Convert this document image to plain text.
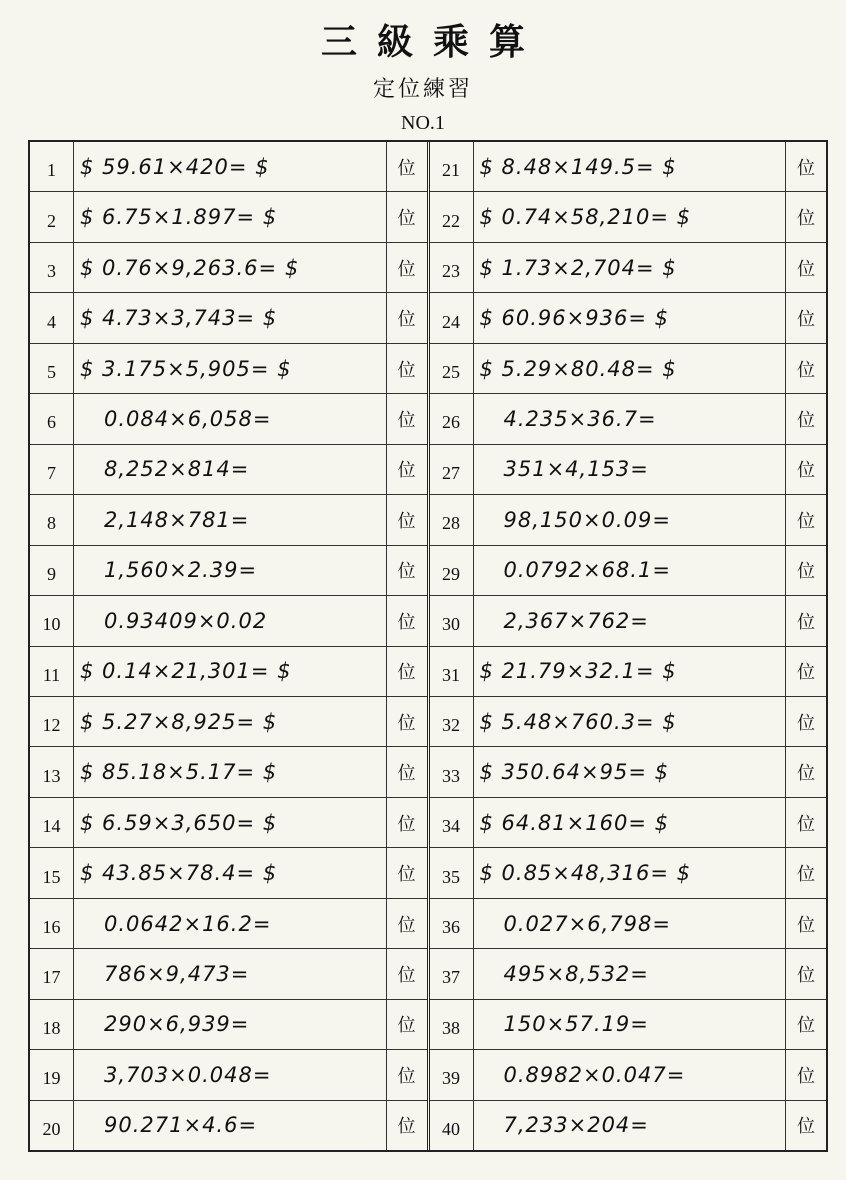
三級乘算
定位練習
NO.1
1	$ 59.61×420= $	位
2	$ 6.75×1.897= $	位
3	$ 0.76×9,263.6= $	位
4	$ 4.73×3,743= $	位
5	$ 3.175×5,905= $	位
6	0.084×6,058=	位
7	8,252×814=	位
8	2,148×781=	位
9	1,560×2.39=	位
10	0.93409×0.02	位
11 $ 0.14×21,301= $	位
12 $ 5.27×8,925= $	位
13 $ 85.18×5.17= $	位
14 $ 6.59×3,650= $	位
15 $ 43.85×78.4= $	位
16	0.0642×16.2=	位
17	786×9,473=	位
18	290×6,939=	位
19	3,703×0.048=	位
20	90.271×4.6=	位
21 $ 8.48×149.5= $	位
22 $ 0.74×58,210= $	位
23 $ 1.73×2,704= $	位
24 $ 60.96×936= $	位
25 $ 5.29×80.48= $	位
26	4.235×36.7=	位
27	351×4,153=	位
28	98,150×0.09=	位
29	0.0792×68.1=	位
30	2,367×762=	位
31 $ 21.79×32.1= $	位
32 $ 5.48×760.3= $	位
33 $ 350.64×95= $	位
34 $ 64.81×160= $	位
35 $ 0.85×48,316= $	位
36	0.027×6,798=	位
37	495×8,532=	位
38	150×57.19=	位
39	0.8982×0.047=	位
40	7,233×204=	位
